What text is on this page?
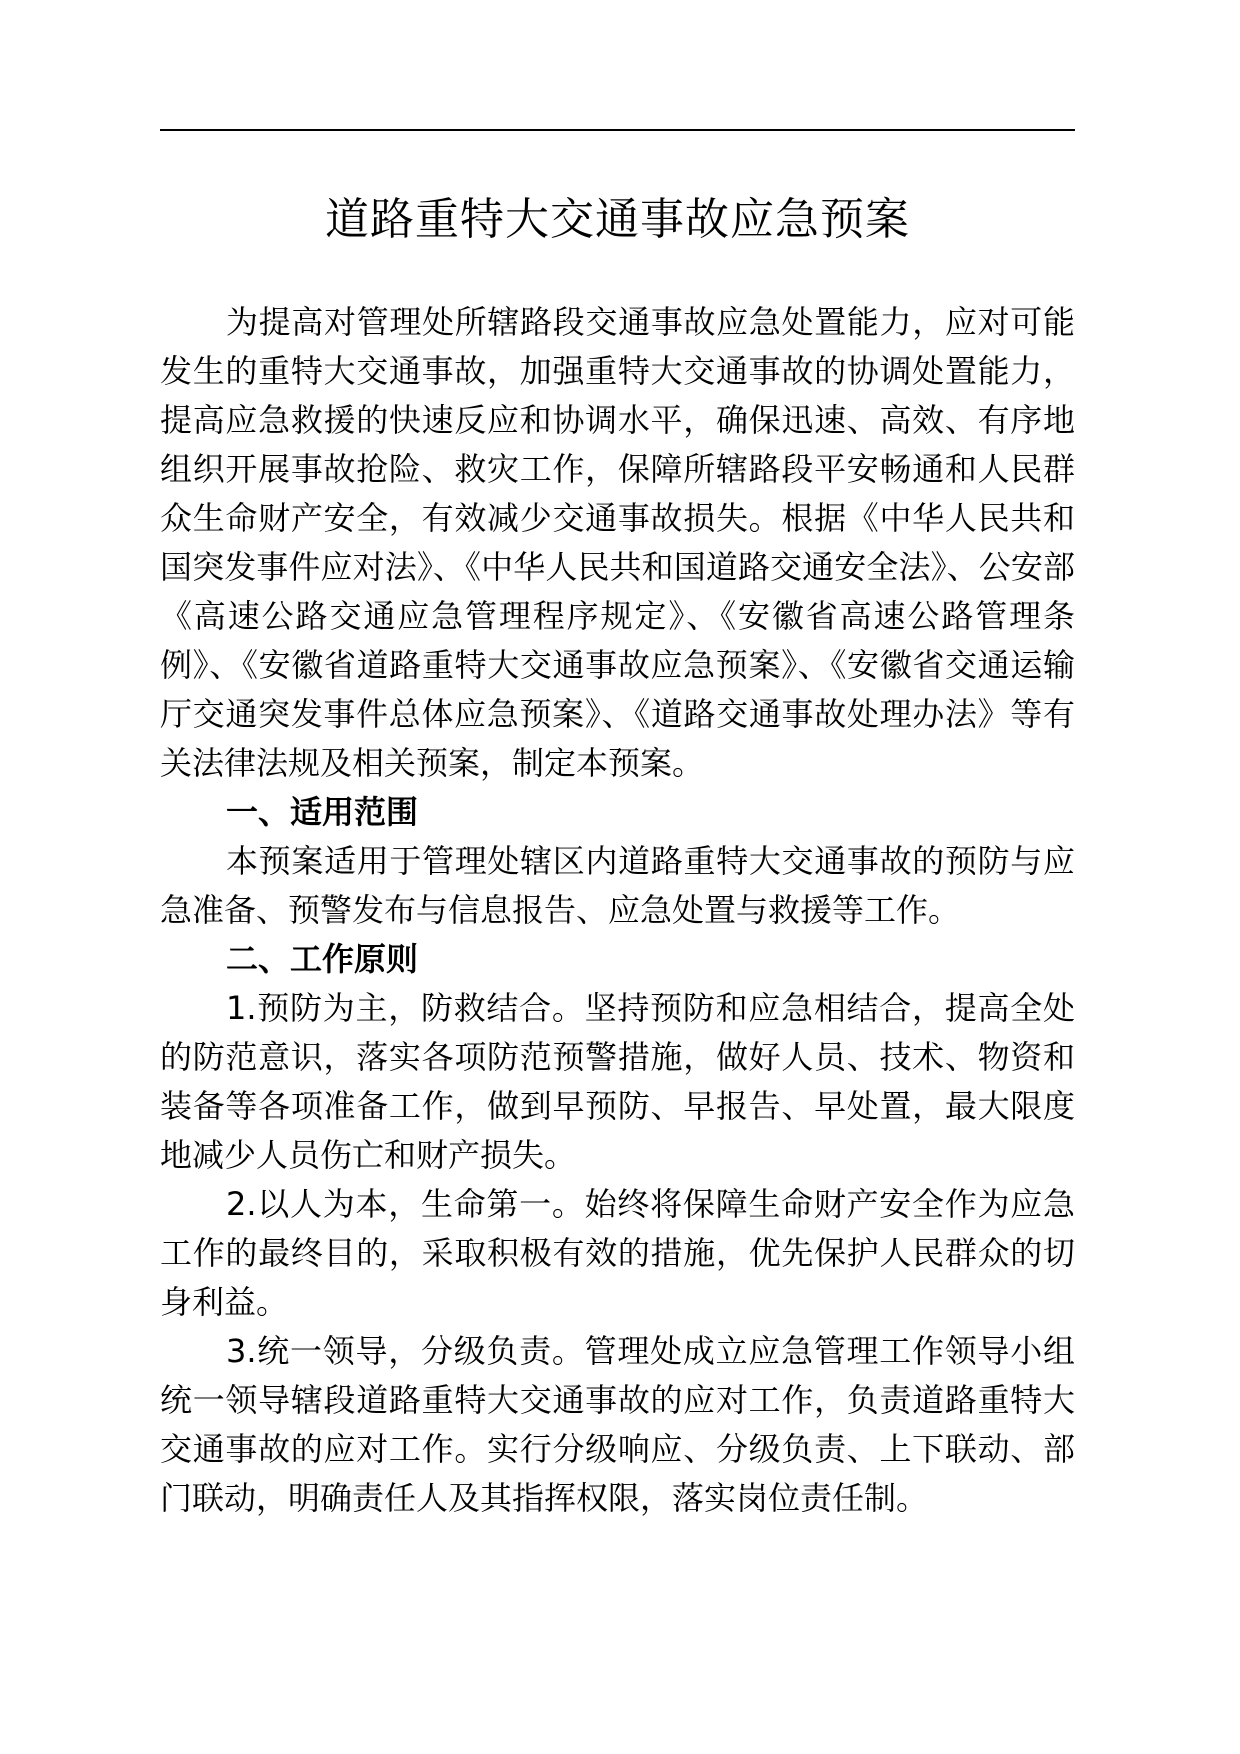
道路重特大交通事故应急预案

为提高对管理处所辖路段交通事故应急处置能力，应对可能发生的重特大交通事故，加强重特大交通事故的协调处置能力，提高应急救援的快速反应和协调水平，确保迅速、高效、有序地组织开展事故抢险、救灾工作，保障所辖路段平安畅通和人民群众生命财产安全，有效减少交通事故损失。根据《中华人民共和国突发事件应对法》、《中华人民共和国道路交通安全法》、公安部《高速公路交通应急管理程序规定》、《安徽省高速公路管理条例》、《安徽省道路重特大交通事故应急预案》、《安徽省交通运输厅交通突发事件总体应急预案》、《道路交通事故处理办法》等有关法律法规及相关预案，制定本预案。

一、适用范围

本预案适用于管理处辖区内道路重特大交通事故的预防与应急准备、预警发布与信息报告、应急处置与救援等工作。

二、工作原则

1.预防为主，防救结合。坚持预防和应急相结合，提高全处的防范意识，落实各项防范预警措施，做好人员、技术、物资和装备等各项准备工作，做到早预防、早报告、早处置，最大限度地减少人员伤亡和财产损失。

2.以人为本，生命第一。始终将保障生命财产安全作为应急工作的最终目的，采取积极有效的措施，优先保护人民群众的切身利益。

3.统一领导，分级负责。管理处成立应急管理工作领导小组统一领导辖段道路重特大交通事故的应对工作，负责道路重特大交通事故的应对工作。实行分级响应、分级负责、上下联动、部门联动，明确责任人及其指挥权限，落实岗位责任制。
